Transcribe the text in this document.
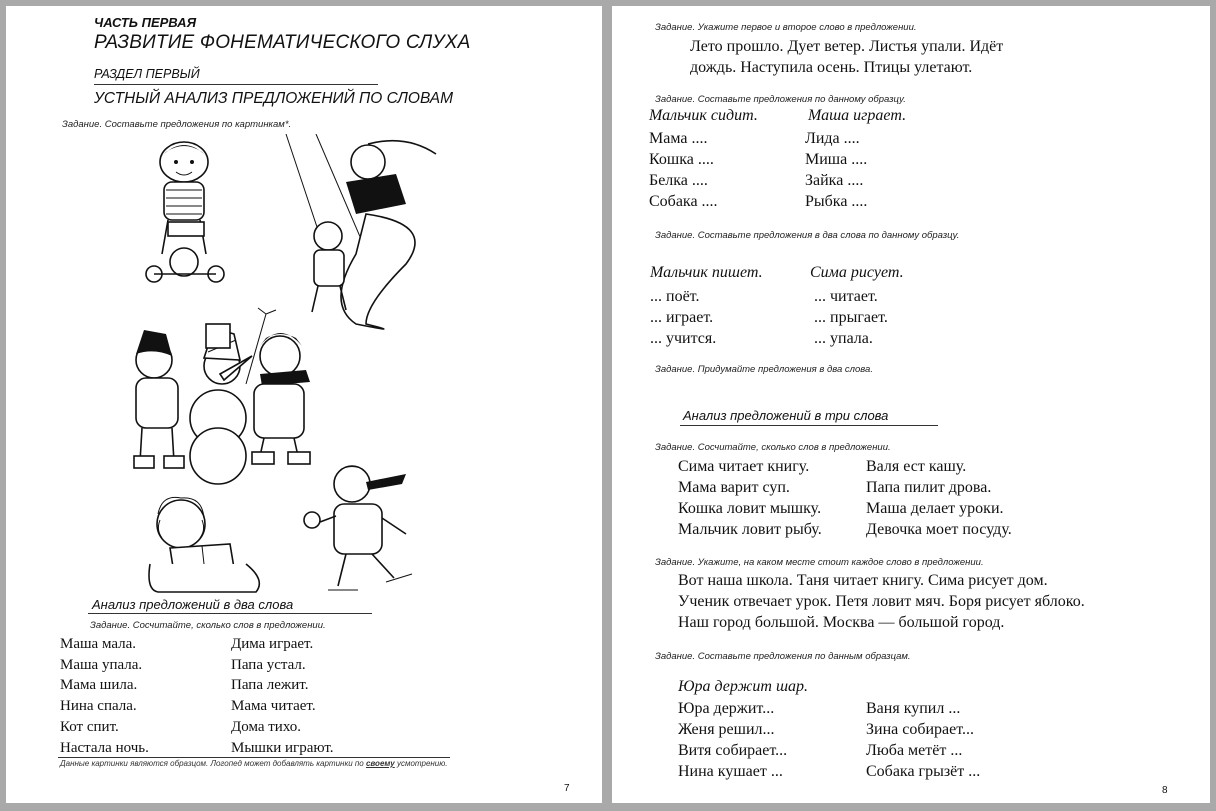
ЧАСТЬ ПЕРВАЯ
РАЗВИТИЕ ФОНЕМАТИЧЕСКОГО СЛУХА
РАЗДЕЛ ПЕРВЫЙ
УСТНЫЙ АНАЛИЗ ПРЕДЛОЖЕНИЙ ПО СЛОВАМ
Задание. Составьте предложения по картинкам*.
Анализ предложений в два слова
Задание. Сосчитайте, сколько слов в предложении.
Маша мала.
Маша упала.
Мама шила.
Нина спала.
Кот спит.
Настала ночь.
Дима играет.
Папа устал.
Папа лежит.
Мама читает.
Дома тихо.
Мышки играют.
Данные картинки являются образцом. Логопед может добавлять картинки по своему усмотрению.
7
Задание. Укажите первое и второе слово в предложении.
Лето прошло. Дует ветер. Листья упали. Идёт
дождь. Наступила осень. Птицы улетают.
Задание. Составьте предложения по данному образцу.
Мальчик сидит.	Маша играет.
Мама ....
Кошка ....
Белка ....
Собака ....
Лида ....
Миша ....
Зайка ....
Рыбка ....
Задание. Составьте предложения в два слова по данному образцу.
Мальчик пишет.	Сима рисует.
... поёт.
... играет.
... учится.
... читает.
... прыгает.
... упала.
Задание. Придумайте предложения в два слова.
Анализ предложений в три слова
Задание. Сосчитайте, сколько слов в предложении.
Сима читает книгу.
Мама варит суп.
Кошка ловит мышку.
Мальчик ловит рыбу.
Валя ест кашу.
Папа пилит дрова.
Маша делает уроки.
Девочка моет посуду.
Задание. Укажите, на каком месте стоит каждое слово в предложении.
Вот наша школа. Таня читает книгу. Сима рисует дом.
Ученик отвечает урок. Петя ловит мяч. Боря рисует яблоко.
Наш город большой. Москва — большой город.
Задание. Составьте предложения по данным образцам.
Юра держит шар.
Юра держит...
Женя решил...
Витя собирает...
Нина кушает ...
Ваня купил ...
Зина собирает...
Люба метёт ...
Собака грызёт ...
8
